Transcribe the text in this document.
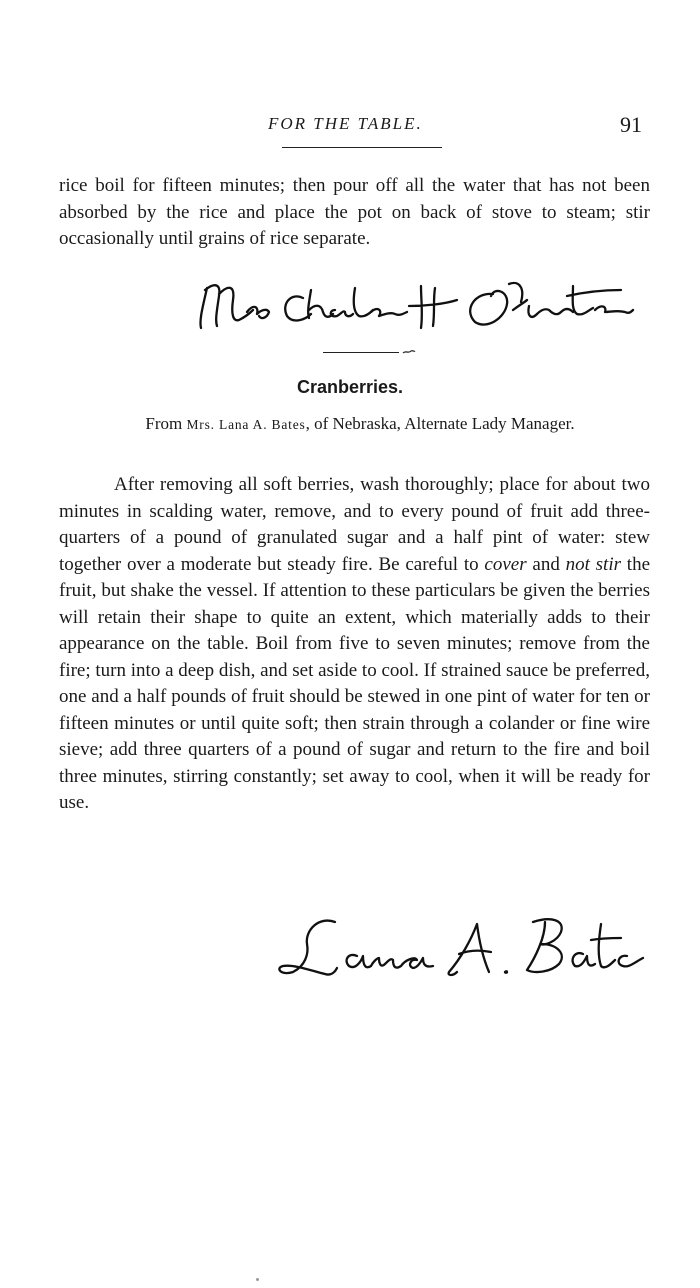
FOR THE TABLE.	91

rice boil for fifteen minutes; then pour off all the water that has not been absorbed by the rice and place the pot on back of stove to steam; stir occasionally until grains of rice separate.

Cranberries.
From Mrs. Lana A. Bates, of Nebraska, Alternate Lady Manager.

After removing all soft berries, wash thoroughly; place for about two minutes in scalding water, remove, and to every pound of fruit add three-quarters of a pound of granulated sugar and a half pint of water: stew together over a moderate but steady fire. Be careful to cover and not stir the fruit, but shake the vessel. If attention to these particulars be given the berries will retain their shape to quite an extent, which materially adds to their appearance on the table. Boil from five to seven minutes; remove from the fire; turn into a deep dish, and set aside to cool. If strained sauce be preferred, one and a half pounds of fruit should be stewed in one pint of water for ten or fifteen minutes or until quite soft; then strain through a colander or fine wire sieve; add three quarters of a pound of sugar and return to the fire and boil three minutes, stirring constantly; set away to cool, when it will be ready for use.
